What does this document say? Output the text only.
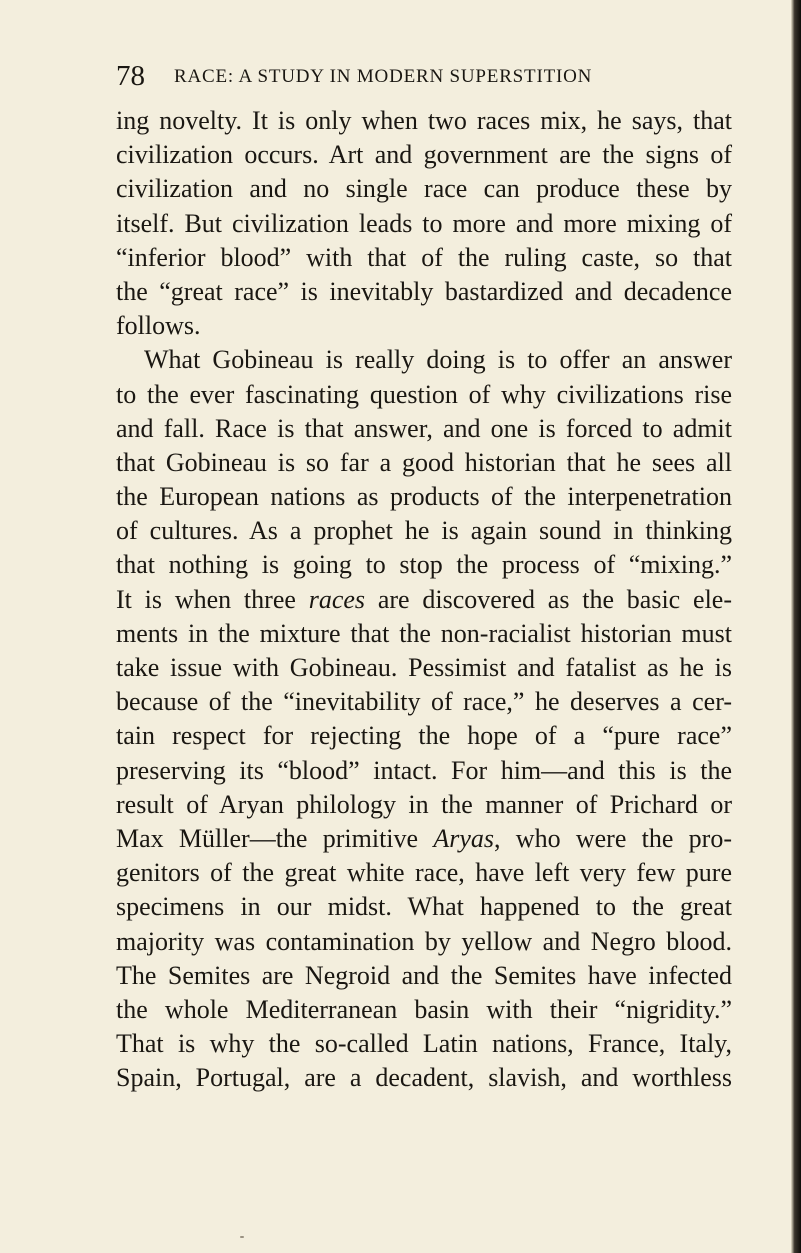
78 RACE: A STUDY IN MODERN SUPERSTITION
ing novelty. It is only when two races mix, he says, that
civilization occurs. Art and government are the signs of
civilization and no single race can produce these by
itself. But civilization leads to more and more mixing of
“inferior blood” with that of the ruling caste, so that
the “great race” is inevitably bastardized and decadence
follows.
What Gobineau is really doing is to offer an answer
to the ever fascinating question of why civilizations rise
and fall. Race is that answer, and one is forced to admit
that Gobineau is so far a good historian that he sees all
the European nations as products of the interpenetration
of cultures. As a prophet he is again sound in thinking
that nothing is going to stop the process of “mixing.”
It is when three races are discovered as the basic ele-
ments in the mixture that the non-racialist historian must
take issue with Gobineau. Pessimist and fatalist as he is
because of the “inevitability of race,” he deserves a cer-
tain respect for rejecting the hope of a “pure race”
preserving its “blood” intact. For him—and this is the
result of Aryan philology in the manner of Prichard or
Max Müller—the primitive Aryas, who were the pro-
genitors of the great white race, have left very few pure
specimens in our midst. What happened to the great
majority was contamination by yellow and Negro blood.
The Semites are Negroid and the Semites have infected
the whole Mediterranean basin with their “nigridity.”
That is why the so-called Latin nations, France, Italy,
Spain, Portugal, are a decadent, slavish, and worthless
